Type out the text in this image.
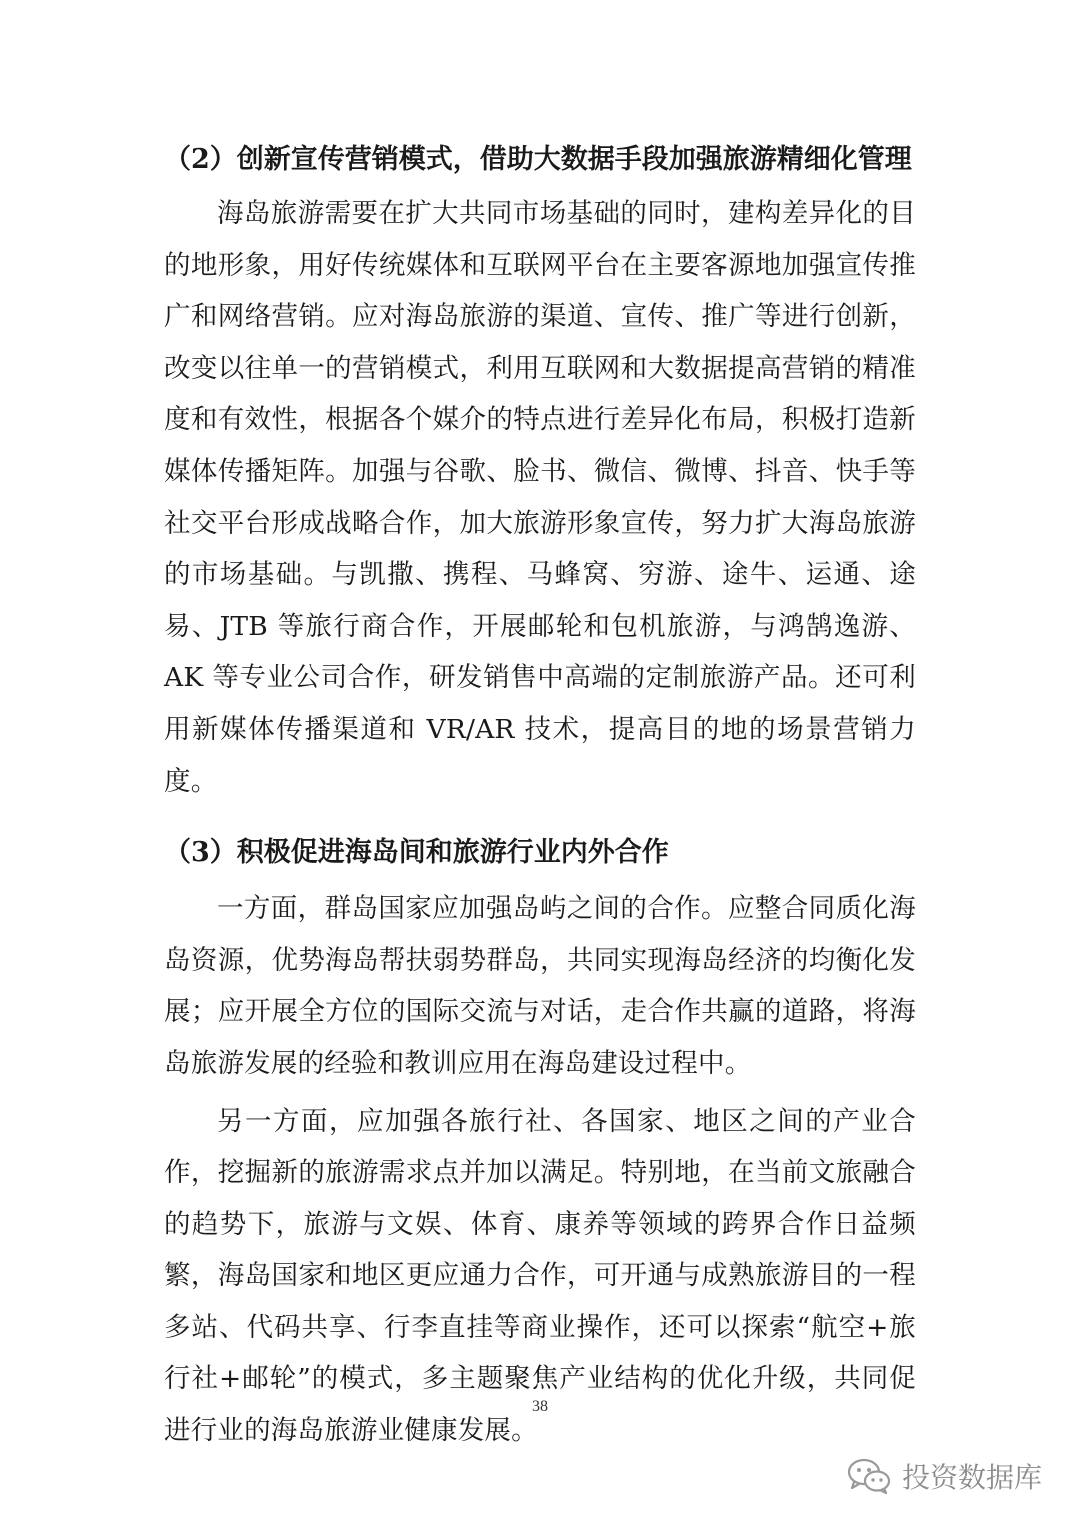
（2）创新宣传营销模式，借助大数据手段加强旅游精细化管理

海岛旅游需要在扩大共同市场基础的同时，建构差异化的目的地形象，用好传统媒体和互联网平台在主要客源地加强宣传推广和网络营销。应对海岛旅游的渠道、宣传、推广等进行创新，改变以往单一的营销模式，利用互联网和大数据提高营销的精准度和有效性，根据各个媒介的特点进行差异化布局，积极打造新媒体传播矩阵。加强与谷歌、脸书、微信、微博、抖音、快手等社交平台形成战略合作，加大旅游形象宣传，努力扩大海岛旅游的市场基础。与凯撒、携程、马蜂窝、穷游、途牛、运通、途易、JTB 等旅行商合作，开展邮轮和包机旅游，与鸿鹄逸游、AK 等专业公司合作，研发销售中高端的定制旅游产品。还可利用新媒体传播渠道和 VR/AR 技术，提高目的地的场景营销力度。

（3）积极促进海岛间和旅游行业内外合作

一方面，群岛国家应加强岛屿之间的合作。应整合同质化海岛资源，优势海岛帮扶弱势群岛，共同实现海岛经济的均衡化发展；应开展全方位的国际交流与对话，走合作共赢的道路，将海岛旅游发展的经验和教训应用在海岛建设过程中。

另一方面，应加强各旅行社、各国家、地区之间的产业合作，挖掘新的旅游需求点并加以满足。特别地，在当前文旅融合的趋势下，旅游与文娱、体育、康养等领域的跨界合作日益频繁，海岛国家和地区更应通力合作，可开通与成熟旅游目的一程多站、代码共享、行李直挂等商业操作，还可以探索“航空+旅行社+邮轮”的模式，多主题聚焦产业结构的优化升级，共同促进行业的海岛旅游业健康发展。

38
投资数据库
